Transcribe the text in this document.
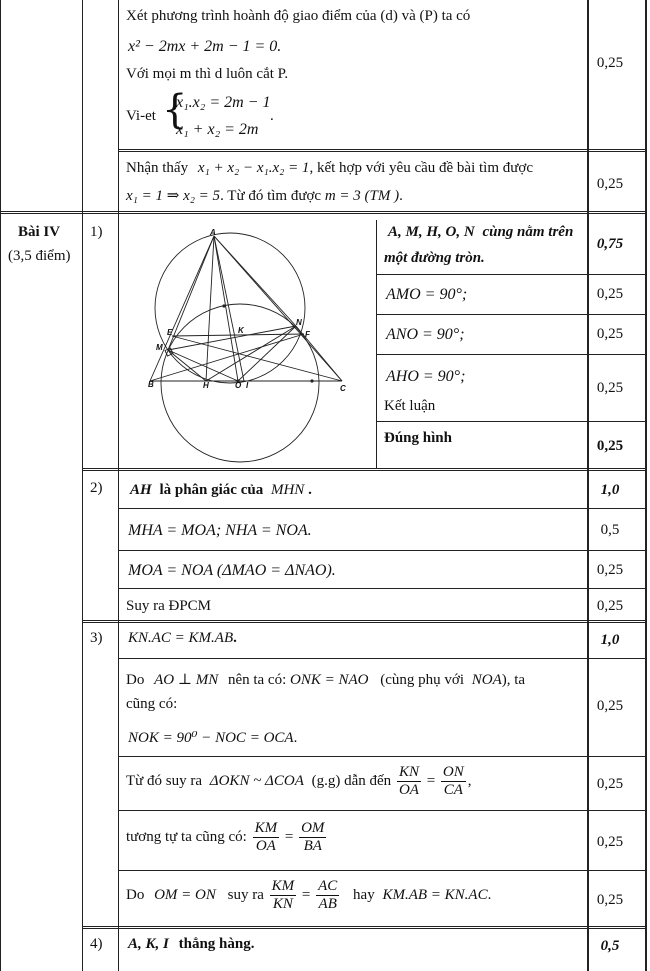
Xét phương trình hoành độ giao điểm của (d) và (P) ta có
x² − 2mx + 2m − 1 = 0.
Với mọi m thì d luôn cắt P.
Vi-et {
x₁.x₂ = 2m − 1
x₁ + x₂ = 2m
.
0,25
Nhận thấy x₁ + x₂ − x₁.x₂ = 1, kết hợp với yêu cầu đề bài tìm được
x₁ = 1 ⇒ x₂ = 5. Từ đó tìm được m = 3 (TM ).
0,25
Bài IV
(3,5 điểm)
1)	A, M, H, O, N cùng nằm trên
một đường tròn.
0,75
AMO = 90°;	0,25
ANO = 90°;	0,25
AHO = 90°;
Kết luận
0,25
Đúng hình	0,25
A
E	K
N
F
M
B	H	O I	C
2) AH là phân giác của MHN .	1,0
MHA = MOA; NHA = NOA.	0,5
MOA = NOA (ΔMAO = ΔNAO).	0,25
Suy ra ĐPCM	0,25
3) KN.AC = KM.AB.	1,0
Do AO ⊥ MN nên ta có: ONK = NAO (cùng phụ với NOA), ta
cũng có:
NOK = 90⁰ − NOC = OCA.
0,25
Từ đó suy ra ΔOKN ~ ΔCOA (g.g) dẫn đến $\frac{KN}{OA} = \frac{ON}{CA}$ ,	0,25
tương tự ta cũng có: $\frac{KM}{OA} = \frac{OM}{BA}$	0,25
Do OM = ON suy ra $\frac{KM}{KN} = \frac{AC}{AB}$ hay KM.AB = KN.AC.	0,25
4) A, K, I thẳng hàng.	0,5
